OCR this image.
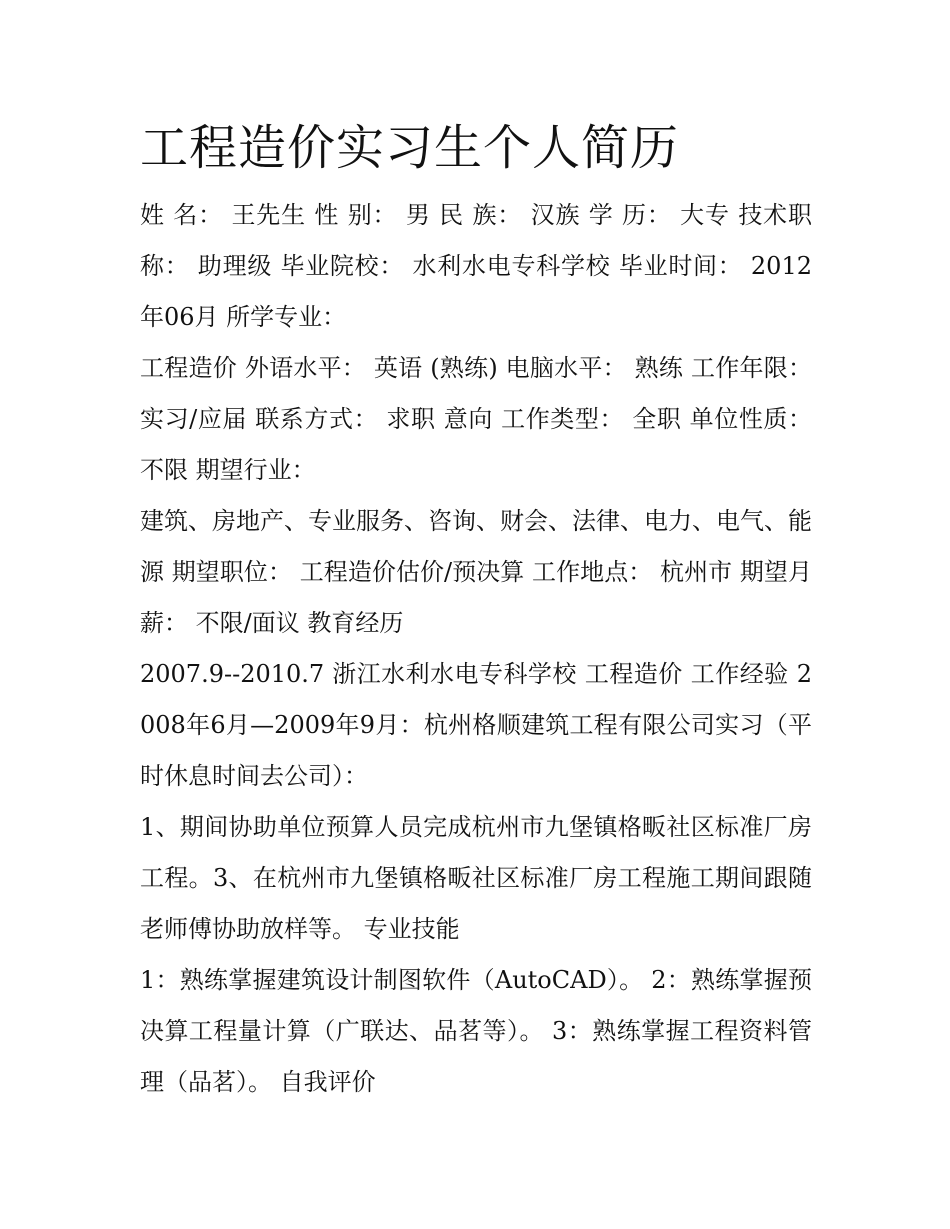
工程造价实习生个人简历

姓 名： 王先生 性 别： 男 民 族： 汉族 学 历： 大专 技术职称： 助理级 毕业院校： 水利水电专科学校 毕业时间： 2012年06月 所学专业：

工程造价 外语水平： 英语 (熟练) 电脑水平： 熟练 工作年限： 实习/应届 联系方式： 求职 意向 工作类型： 全职 单位性质： 不限 期望行业：

建筑、房地产、专业服务、咨询、财会、法律、电力、电气、能源 期望职位： 工程造价估价/预决算 工作地点： 杭州市 期望月薪： 不限/面议 教育经历

2007.9--2010.7 浙江水利水电专科学校 工程造价 工作经验 2008年6月—2009年9月：杭州格顺建筑工程有限公司实习（平时休息时间去公司）：

1、期间协助单位预算人员完成杭州市九堡镇格畈社区标准厂房工程。3、在杭州市九堡镇格畈社区标准厂房工程施工期间跟随老师傅协助放样等。 专业技能

1：熟练掌握建筑设计制图软件（AutoCAD）。 2：熟练掌握预决算工程量计算（广联达、品茗等）。 3：熟练掌握工程资料管理（品茗）。 自我评价
